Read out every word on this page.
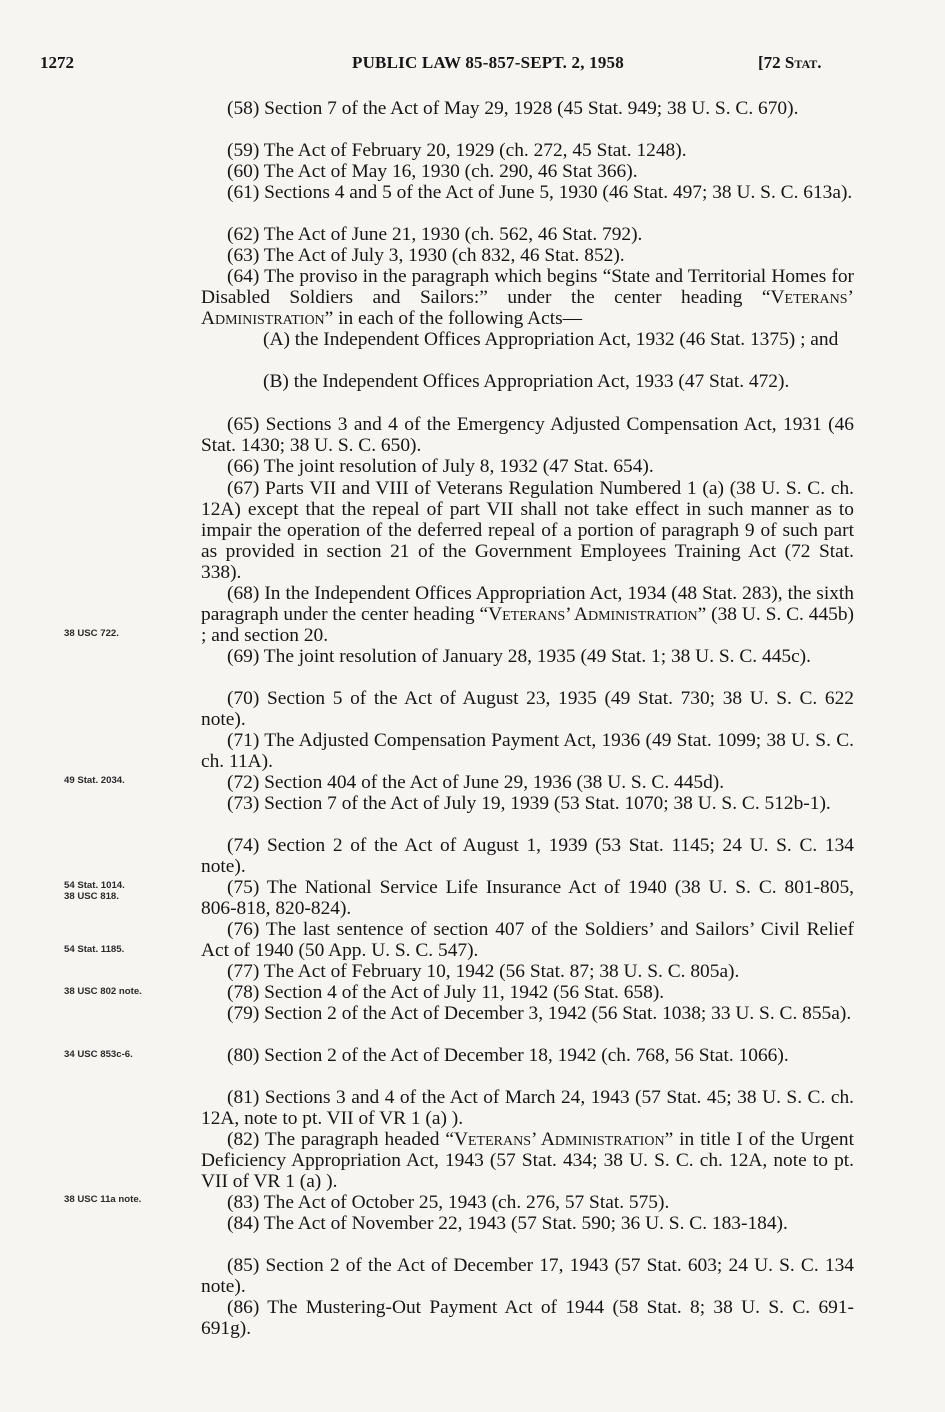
1272	PUBLIC LAW 85-857-SEPT. 2, 1958	[72 Stat.
38 USC 722.
49 Stat. 2034.
54 Stat. 1014.
38 USC 818.
54 Stat. 1185.
38 USC 802 note.
34 USC 853c-6.
38 USC 11a note.
(58) Section 7 of the Act of May 29, 1928 (45 Stat. 949; 38 U. S. C. 670).
(59) The Act of February 20, 1929 (ch. 272, 45 Stat. 1248).
(60) The Act of May 16, 1930 (ch. 290, 46 Stat 366).
(61) Sections 4 and 5 of the Act of June 5, 1930 (46 Stat. 497; 38 U. S. C. 613a).
(62) The Act of June 21, 1930 (ch. 562, 46 Stat. 792).
(63) The Act of July 3, 1930 (ch 832, 46 Stat. 852).
(64) The proviso in the paragraph which begins “State and Territorial Homes for Disabled Soldiers and Sailors:” under the center heading “Veterans’ Administration” in each of the following Acts—
(A) the Independent Offices Appropriation Act, 1932 (46 Stat. 1375) ; and
(B) the Independent Offices Appropriation Act, 1933 (47 Stat. 472).
(65) Sections 3 and 4 of the Emergency Adjusted Compensation Act, 1931 (46 Stat. 1430; 38 U. S. C. 650).
(66) The joint resolution of July 8, 1932 (47 Stat. 654).
(67) Parts VII and VIII of Veterans Regulation Numbered 1 (a) (38 U. S. C. ch. 12A) except that the repeal of part VII shall not take effect in such manner as to impair the operation of the deferred repeal of a portion of paragraph 9 of such part as provided in section 21 of the Government Employees Training Act (72 Stat. 338).
(68) In the Independent Offices Appropriation Act, 1934 (48 Stat. 283), the sixth paragraph under the center heading “Veterans’ Administration” (38 U. S. C. 445b) ; and section 20.
(69) The joint resolution of January 28, 1935 (49 Stat. 1; 38 U. S. C. 445c).
(70) Section 5 of the Act of August 23, 1935 (49 Stat. 730; 38 U. S. C. 622 note).
(71) The Adjusted Compensation Payment Act, 1936 (49 Stat. 1099; 38 U. S. C. ch. 11A).
(72) Section 404 of the Act of June 29, 1936 (38 U. S. C. 445d).
(73) Section 7 of the Act of July 19, 1939 (53 Stat. 1070; 38 U. S. C. 512b-1).
(74) Section 2 of the Act of August 1, 1939 (53 Stat. 1145; 24 U. S. C. 134 note).
(75) The National Service Life Insurance Act of 1940 (38 U. S. C. 801-805, 806-818, 820-824).
(76) The last sentence of section 407 of the Soldiers’ and Sailors’ Civil Relief Act of 1940 (50 App. U. S. C. 547).
(77) The Act of February 10, 1942 (56 Stat. 87; 38 U. S. C. 805a).
(78) Section 4 of the Act of July 11, 1942 (56 Stat. 658).
(79) Section 2 of the Act of December 3, 1942 (56 Stat. 1038; 33 U. S. C. 855a).
(80) Section 2 of the Act of December 18, 1942 (ch. 768, 56 Stat. 1066).
(81) Sections 3 and 4 of the Act of March 24, 1943 (57 Stat. 45; 38 U. S. C. ch. 12A, note to pt. VII of VR 1 (a) ).
(82) The paragraph headed “Veterans’ Administration” in title I of the Urgent Deficiency Appropriation Act, 1943 (57 Stat. 434; 38 U. S. C. ch. 12A, note to pt. VII of VR 1 (a) ).
(83) The Act of October 25, 1943 (ch. 276, 57 Stat. 575).
(84) The Act of November 22, 1943 (57 Stat. 590; 36 U. S. C. 183-184).
(85) Section 2 of the Act of December 17, 1943 (57 Stat. 603; 24 U. S. C. 134 note).
(86) The Mustering-Out Payment Act of 1944 (58 Stat. 8; 38 U. S. C. 691-691g).
